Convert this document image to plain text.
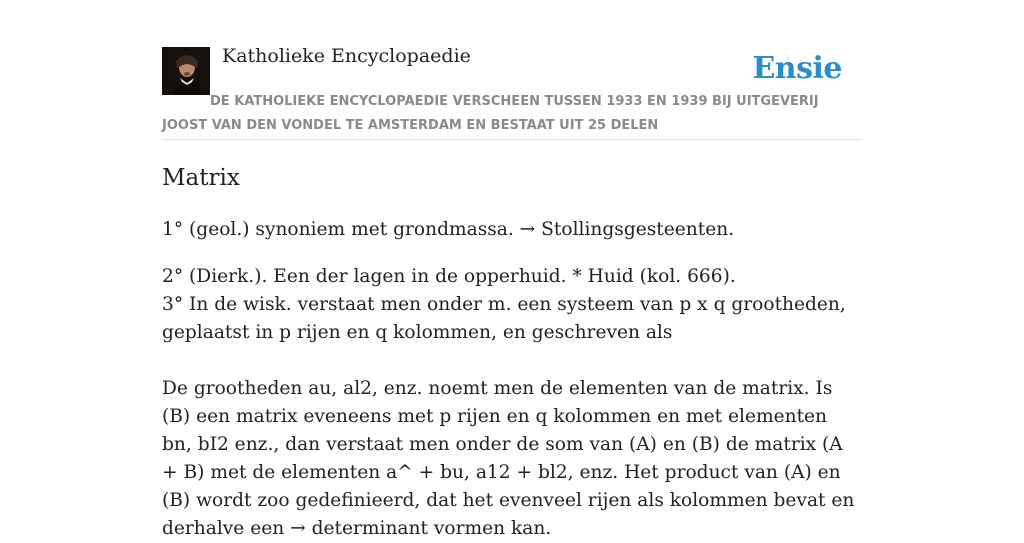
Katholieke Encyclopaedie	Ensie
DE KATHOLIEKE ENCYCLOPAEDIE VERSCHEEN TUSSEN 1933 EN 1939 BIJ UITGEVERIJ JOOST VAN DEN VONDEL TE AMSTERDAM EN BESTAAT UIT 25 DELEN
Matrix

1° (geol.) synoniem met grondmassa. → Stollingsgesteenten.

2° (Dierk.). Een der lagen in de opperhuid. * Huid (kol. 666).

3° In de wisk. verstaat men onder m. een systeem van p x q grootheden, geplaatst in p rijen en q kolommen, en geschreven als

De grootheden au, al2, enz. noemt men de elementen van de matrix. Is (B) een matrix eveneens met p rijen en q kolommen en met elementen bn, bI2 enz., dan verstaat men onder de som van (A) en (B) de matrix (A + B) met de elementen a^ + bu, a12 + bl2, enz. Het product van (A) en (B) wordt zoo gedefinieerd, dat het evenveel rijen als kolommen bevat en derhalve een → determinant vormen kan.
